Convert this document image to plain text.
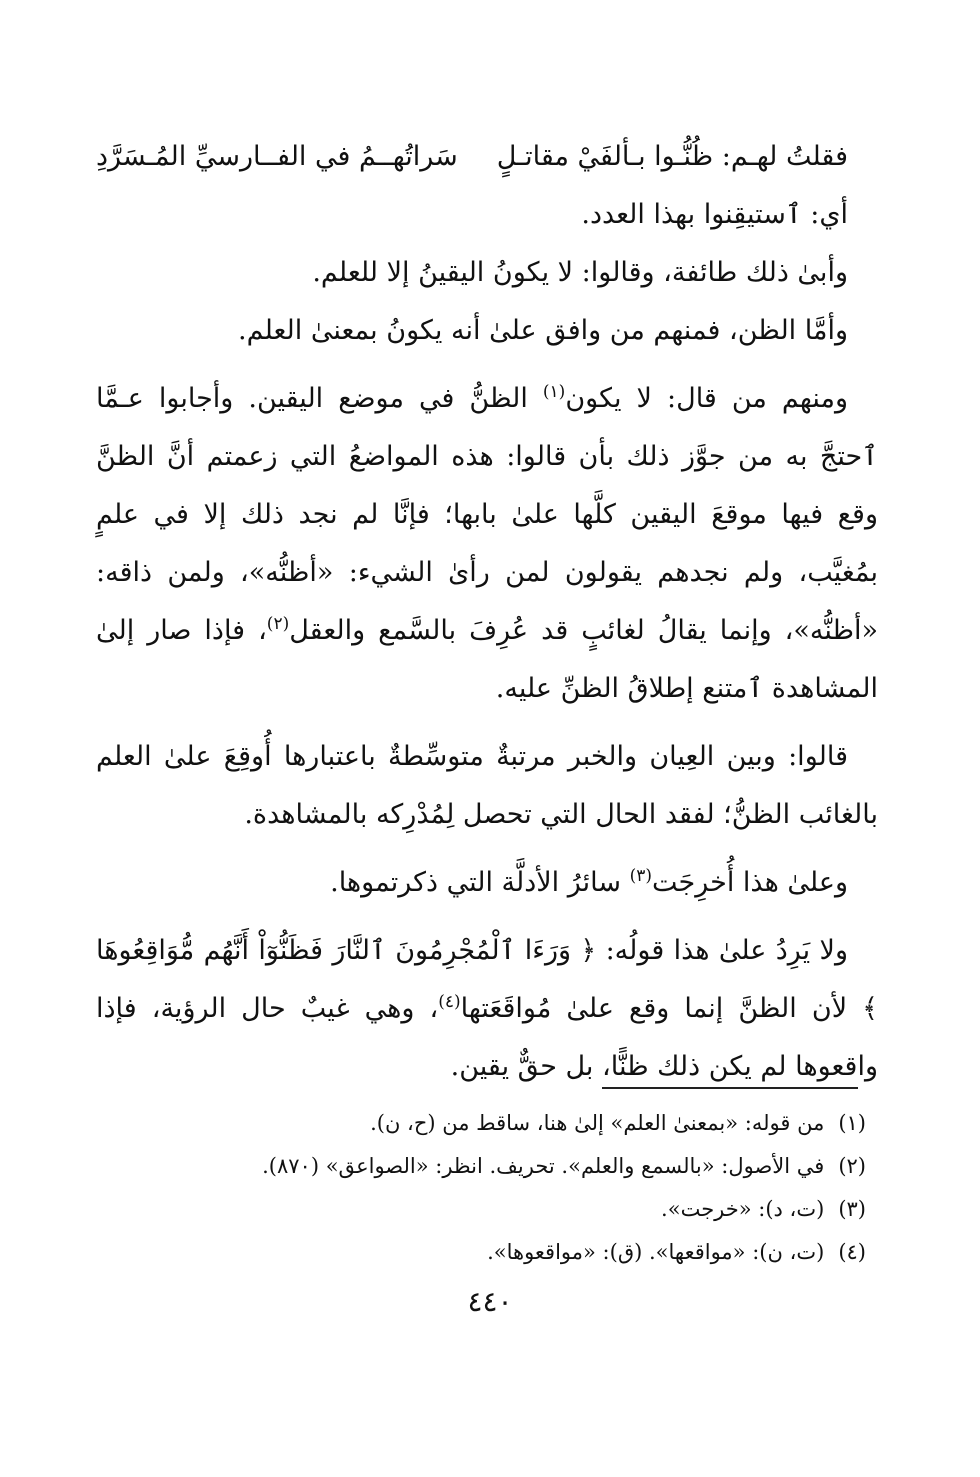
فقلتُ لهـم: ظُنُّـوا بـألفَيْ مقاتـلٍ
سَراتُهــمُ في الفــارسيِّ المُـسَرَّدِ

أي: ٱستيقِنوا بهذا العدد.

وأبىٰ ذلك طائفة، وقالوا: لا يكونُ اليقينُ إلا للعلم.

وأمَّا الظن، فمنهم من وافق علىٰ أنه يكونُ بمعنىٰ العلم.

ومنهم من قال: لا يكون$^{(١)}$ الظنُّ في موضع اليقين. وأجابوا عـمَّا ٱحتجَّ به من جوَّز ذلك بأن قالوا: هذه المواضعُ التي زعمتم أنَّ الظنَّ وقع فيها موقعَ اليقين كلَّها علىٰ بابها؛ فإنَّا لم نجد ذلك إلا في علمٍ بمُغيَّب، ولم نجدهم يقولون لمن رأىٰ الشيء: «أظنُّه»، ولمن ذاقه: «أظنُّه»، وإنما يقالُ لغائبٍ قد عُرِفَ بالسَّمع والعقل$^{(٢)}$، فإذا صار إلىٰ المشاهدة ٱمتنع إطلاقُ الظنِّ عليه.

قالوا: وبين العِيان والخبر مرتبةٌ متوسِّطةٌ باعتبارها أُوقِعَ علىٰ العلم بالغائب الظنُّ؛ لفقد الحال التي تحصل لِمُدْرِكه بالمشاهدة.

وعلىٰ هذا أُخرِجَت$^{(٣)}$ سائرُ الأدلَّة التي ذكرتموها.

ولا يَرِدُ علىٰ هذا قولُه: ﴿ وَرَءَا ٱلْمُجْرِمُونَ ٱلنَّارَ فَظَنُّوٓاْ أَنَّهُم مُّوَاقِعُوهَا ﴾ لأن الظنَّ إنما وقع علىٰ مُواقَعَتها$^{(٤)}$، وهي غيبٌ حال الرؤية، فإذا واقعوها لم يكن ذلك ظنًّا، بل حقٌّ يقين.

(١)من قوله: «بمعنىٰ العلم» إلىٰ هنا، ساقط من (ح، ن).
(٢)في الأصول: «بالسمع والعلم». تحريف. انظر: «الصواعق» (٨٧٠).
(٣)(ت، د): «خرجت».
(٤)(ت، ن): «مواقعها». (ق): «مواقعوها».
٤٤٠
